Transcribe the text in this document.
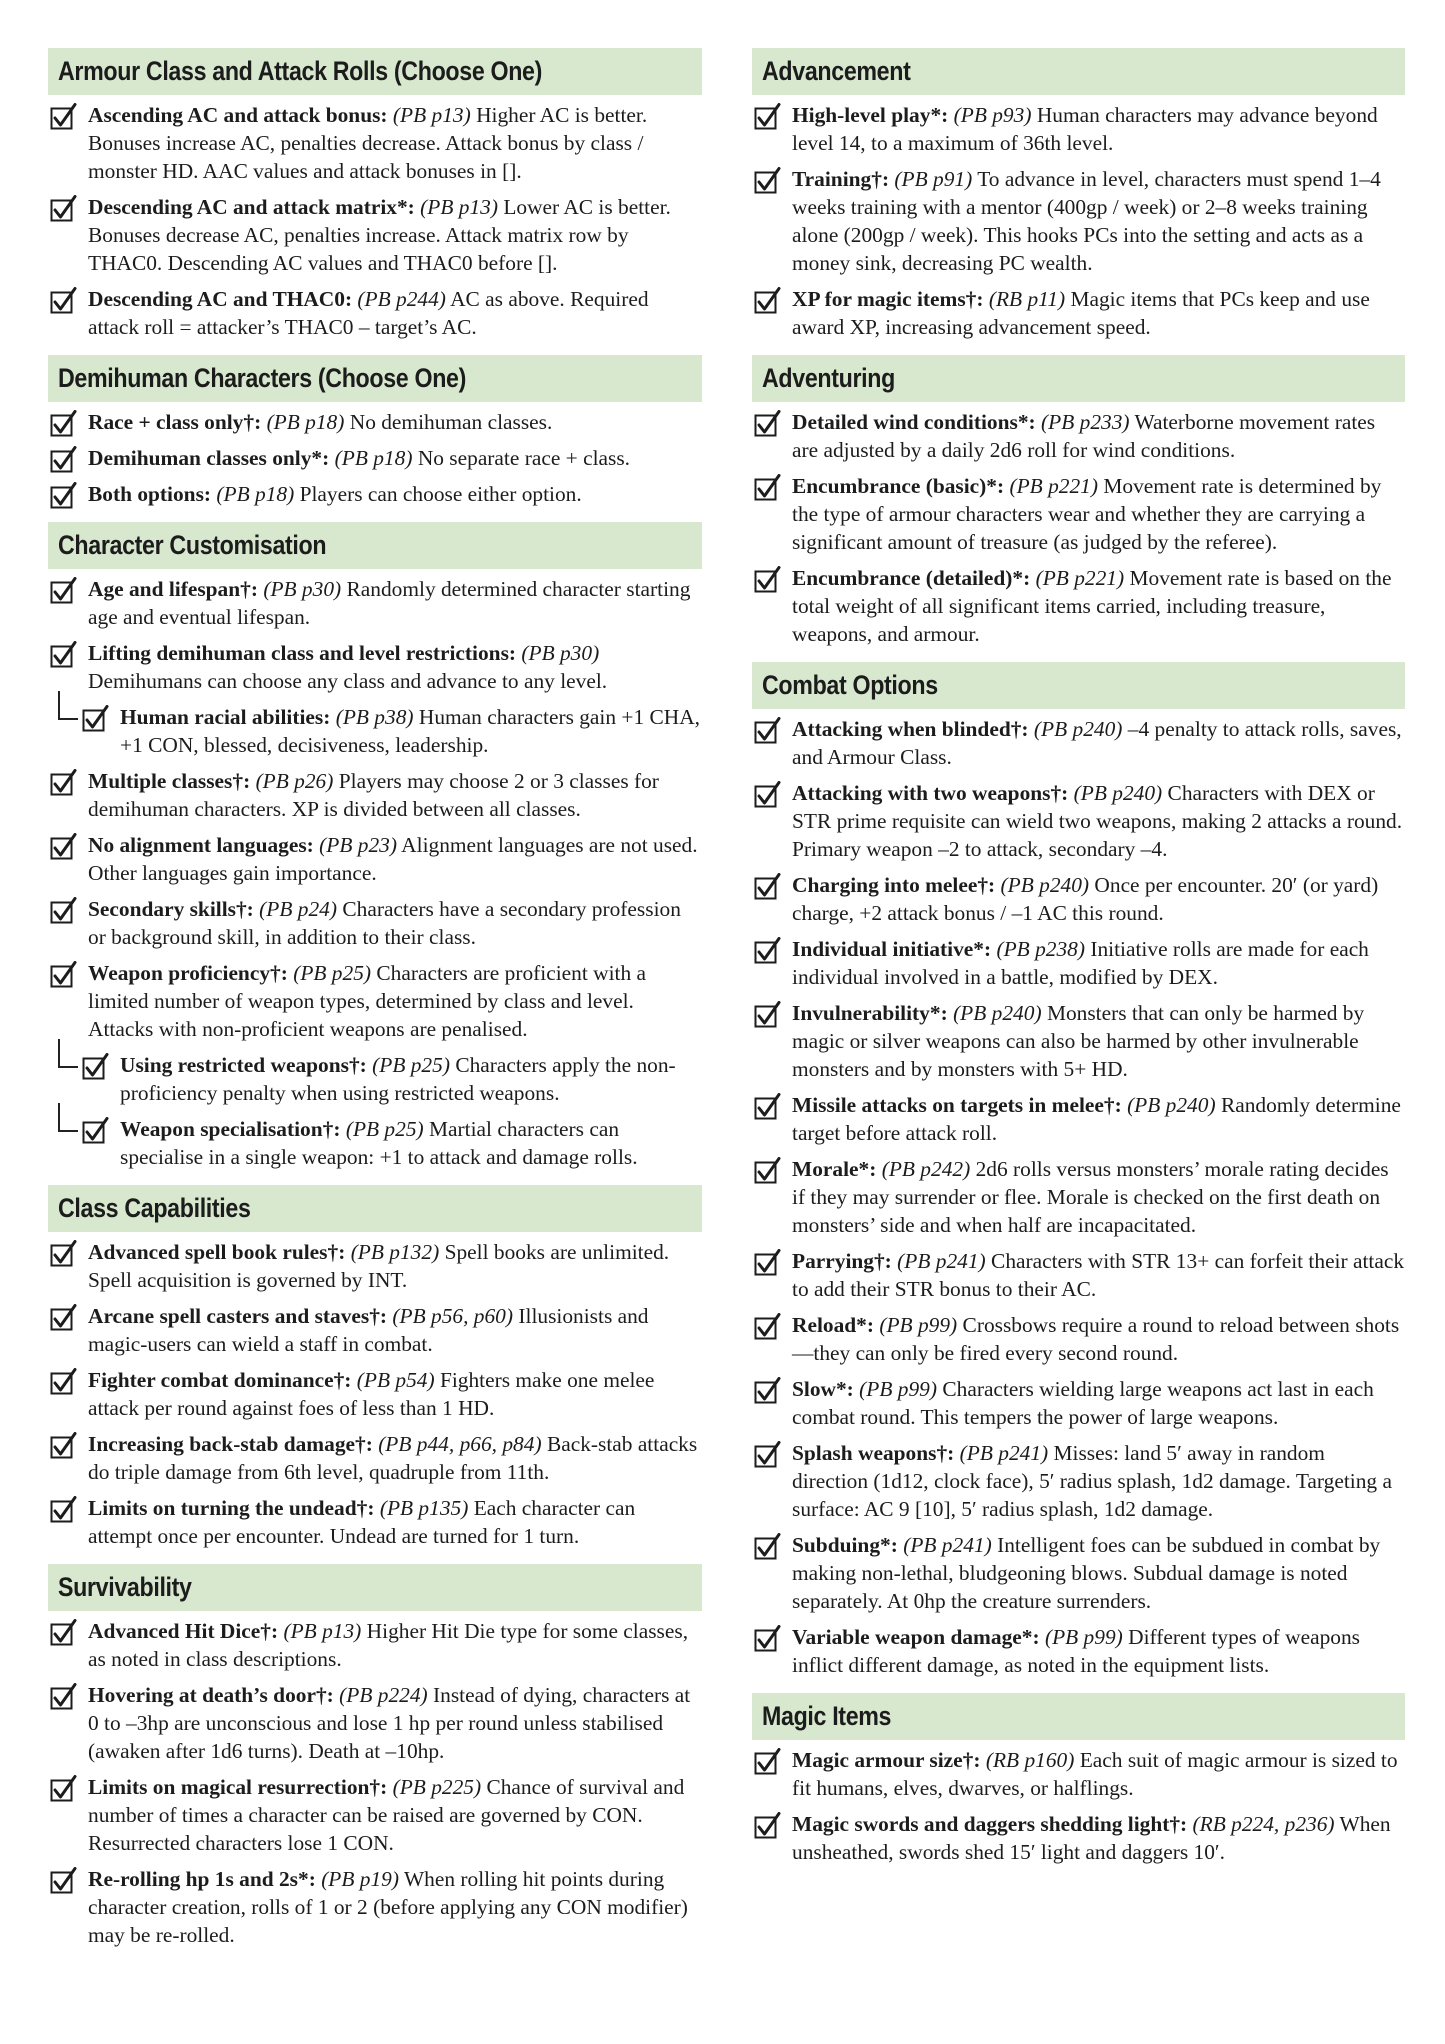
Armour Class and Attack Rolls (Choose One)
Ascending AC and attack bonus: (PB p13) Higher AC is better. Bonuses increase AC, penalties decrease. Attack bonus by class / monster HD. AAC values and attack bonuses in [].
Descending AC and attack matrix*: (PB p13) Lower AC is better. Bonuses decrease AC, penalties increase. Attack matrix row by THAC0. Descending AC values and THAC0 before [].
Descending AC and THAC0: (PB p244) AC as above. Required attack roll = attacker’s THAC0 – target’s AC.
Demihuman Characters (Choose One)
Race + class only†: (PB p18) No demihuman classes.
Demihuman classes only*: (PB p18) No separate race + class.
Both options: (PB p18) Players can choose either option.
Character Customisation
Age and lifespan†: (PB p30) Randomly determined character starting age and eventual lifespan.
Lifting demihuman class and level restrictions: (PB p30) Demihumans can choose any class and advance to any level.
Human racial abilities: (PB p38) Human characters gain +1 CHA, +1 CON, blessed, decisiveness, leadership.
Multiple classes†: (PB p26) Players may choose 2 or 3 classes for demihuman characters. XP is divided between all classes.
No alignment languages: (PB p23) Alignment languages are not used. Other languages gain importance.
Secondary skills†: (PB p24) Characters have a secondary profession or background skill, in addition to their class.
Weapon proficiency†: (PB p25) Characters are proficient with a limited number of weapon types, determined by class and level. Attacks with non-proficient weapons are penalised.
Using restricted weapons†: (PB p25) Characters apply the non-proficiency penalty when using restricted weapons.
Weapon specialisation†: (PB p25) Martial characters can specialise in a single weapon: +1 to attack and damage rolls.
Class Capabilities
Advanced spell book rules†: (PB p132) Spell books are unlimited. Spell acquisition is governed by INT.
Arcane spell casters and staves†: (PB p56, p60) Illusionists and magic-users can wield a staff in combat.
Fighter combat dominance†: (PB p54) Fighters make one melee attack per round against foes of less than 1 HD.
Increasing back-stab damage†: (PB p44, p66, p84) Back-stab attacks do triple damage from 6th level, quadruple from 11th.
Limits on turning the undead†: (PB p135) Each character can attempt once per encounter. Undead are turned for 1 turn.
Survivability
Advanced Hit Dice†: (PB p13) Higher Hit Die type for some classes, as noted in class descriptions.
Hovering at death’s door†: (PB p224) Instead of dying, characters at 0 to –3hp are unconscious and lose 1 hp per round unless stabilised (awaken after 1d6 turns). Death at –10hp.
Limits on magical resurrection†: (PB p225) Chance of survival and number of times a character can be raised are governed by CON. Resurrected characters lose 1 CON.
Re-rolling hp 1s and 2s*: (PB p19) When rolling hit points during character creation, rolls of 1 or 2 (before applying any CON modifier) may be re-rolled.
Advancement
High-level play*: (PB p93) Human characters may advance beyond level 14, to a maximum of 36th level.
Training†: (PB p91) To advance in level, characters must spend 1–4 weeks training with a mentor (400gp / week) or 2–8 weeks training alone (200gp / week). This hooks PCs into the setting and acts as a money sink, decreasing PC wealth.
XP for magic items†: (RB p11) Magic items that PCs keep and use award XP, increasing advancement speed.
Adventuring
Detailed wind conditions*: (PB p233) Waterborne movement rates are adjusted by a daily 2d6 roll for wind conditions.
Encumbrance (basic)*: (PB p221) Movement rate is determined by the type of armour characters wear and whether they are carrying a significant amount of treasure (as judged by the referee).
Encumbrance (detailed)*: (PB p221) Movement rate is based on the total weight of all significant items carried, including treasure, weapons, and armour.
Combat Options
Attacking when blinded†: (PB p240) –4 penalty to attack rolls, saves, and Armour Class.
Attacking with two weapons†: (PB p240) Characters with DEX or STR prime requisite can wield two weapons, making 2 attacks a round. Primary weapon –2 to attack, secondary –4.
Charging into melee†: (PB p240) Once per encounter. 20′ (or yard) charge, +2 attack bonus / –1 AC this round.
Individual initiative*: (PB p238) Initiative rolls are made for each individual involved in a battle, modified by DEX.
Invulnerability*: (PB p240) Monsters that can only be harmed by magic or silver weapons can also be harmed by other invulnerable monsters and by monsters with 5+ HD.
Missile attacks on targets in melee†: (PB p240) Randomly determine target before attack roll.
Morale*: (PB p242) 2d6 rolls versus monsters’ morale rating decides if they may surrender or flee. Morale is checked on the first death on monsters’ side and when half are incapacitated.
Parrying†: (PB p241) Characters with STR 13+ can forfeit their attack to add their STR bonus to their AC.
Reload*: (PB p99) Crossbows require a round to reload between shots—they can only be fired every second round.
Slow*: (PB p99) Characters wielding large weapons act last in each combat round. This tempers the power of large weapons.
Splash weapons†: (PB p241) Misses: land 5′ away in random direction (1d12, clock face), 5′ radius splash, 1d2 damage. Targeting a surface: AC 9 [10], 5′ radius splash, 1d2 damage.
Subduing*: (PB p241) Intelligent foes can be subdued in combat by making non-lethal, bludgeoning blows. Subdual damage is noted separately. At 0hp the creature surrenders.
Variable weapon damage*: (PB p99) Different types of weapons inflict different damage, as noted in the equipment lists.
Magic Items
Magic armour size†: (RB p160) Each suit of magic armour is sized to fit humans, elves, dwarves, or halflings.
Magic swords and daggers shedding light†: (RB p224, p236) When unsheathed, swords shed 15′ light and daggers 10′.
